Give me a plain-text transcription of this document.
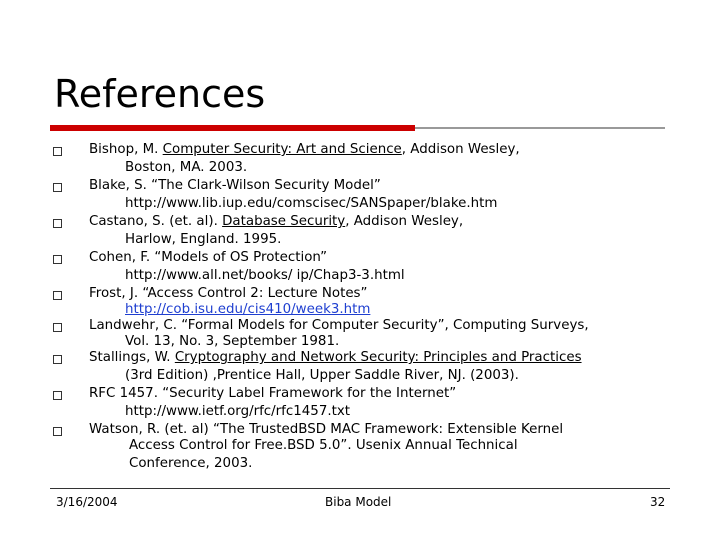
References
Bishop, M. Computer Security: Art and Science, Addison Wesley,
Boston, MA. 2003.
Blake, S. “The Clark-Wilson Security Model”
http://www.lib.iup.edu/comscisec/SANSpaper/blake.htm
Castano, S. (et. al). Database Security, Addison Wesley,
Harlow, England. 1995.
Cohen, F. “Models of OS Protection”
http://www.all.net/books/ ip/Chap3-3.html
Frost, J. “Access Control 2: Lecture Notes”
http://cob.isu.edu/cis410/week3.htm
Landwehr, C. “Formal Models for Computer Security”, Computing Surveys,
Vol. 13, No. 3, September 1981.
Stallings, W. Cryptography and Network Security: Principles and Practices
(3rd Edition) ,Prentice Hall, Upper Saddle River, NJ. (2003).
RFC 1457. “Security Label Framework for the Internet”
http://www.ietf.org/rfc/rfc1457.txt
Watson, R. (et. al) “The TrustedBSD MAC Framework: Extensible Kernel
Access Control for Free.BSD 5.0”. Usenix Annual Technical
Conference, 2003.
3/16/2004	Biba Model	32
